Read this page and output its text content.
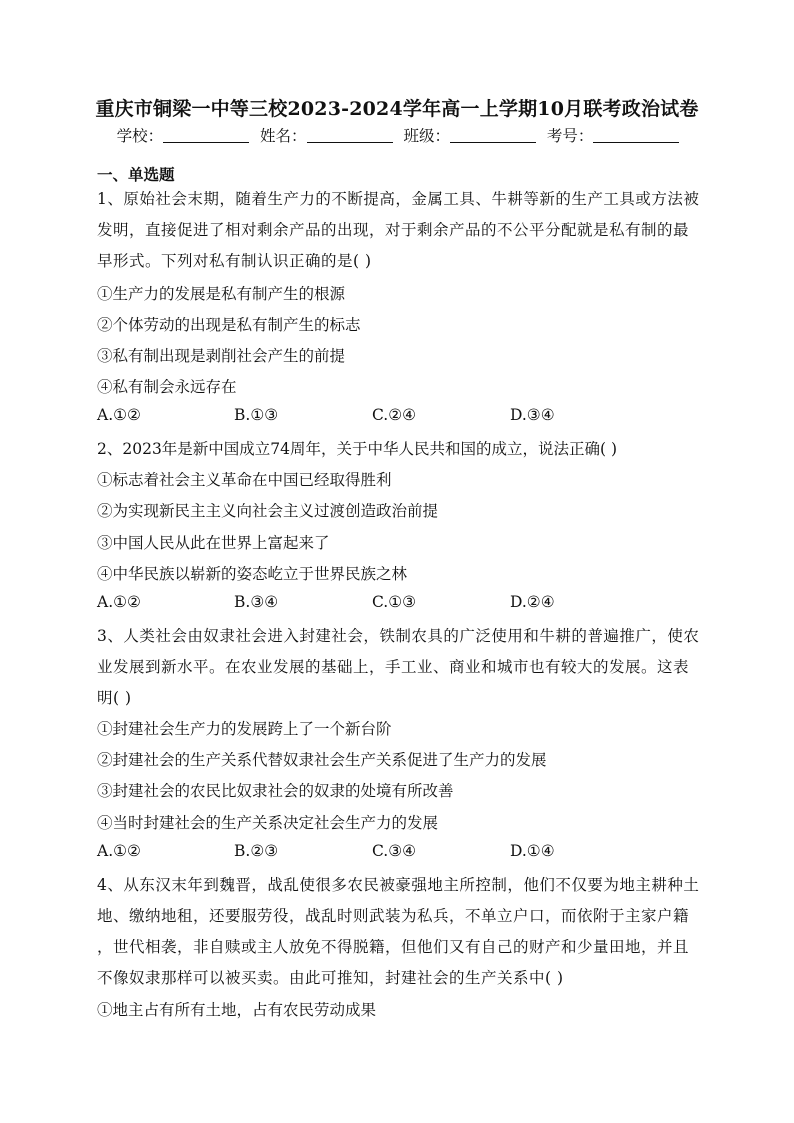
重庆市铜梁一中等三校2023-2024学年高一上学期10月联考政治试卷
学校：	姓名：	班级：	考号：
一、单选题
1、原始社会末期，随着生产力的不断提高，金属工具、牛耕等新的生产工具或方法被
发明，直接促进了相对剩余产品的出现，对于剩余产品的不公平分配就是私有制的最
早形式。下列对私有制认识正确的是( )
①生产力的发展是私有制产生的根源
②个体劳动的出现是私有制产生的标志
③私有制出现是剥削社会产生的前提
④私有制会永远存在
A.①②	B.①③	C.②④	D.③④
2、2023年是新中国成立74周年，关于中华人民共和国的成立，说法正确( )
①标志着社会主义革命在中国已经取得胜利
②为实现新民主主义向社会主义过渡创造政治前提
③中国人民从此在世界上富起来了
④中华民族以崭新的姿态屹立于世界民族之林
A.①②	B.③④	C.①③	D.②④
3、人类社会由奴隶社会进入封建社会，铁制农具的广泛使用和牛耕的普遍推广，使农
业发展到新水平。在农业发展的基础上，手工业、商业和城市也有较大的发展。这表
明( )
①封建社会生产力的发展跨上了一个新台阶
②封建社会的生产关系代替奴隶社会生产关系促进了生产力的发展
③封建社会的农民比奴隶社会的奴隶的处境有所改善
④当时封建社会的生产关系决定社会生产力的发展
A.①②	B.②③	C.③④	D.①④
4、从东汉末年到魏晋，战乱使很多农民被豪强地主所控制，他们不仅要为地主耕种土
地、缴纳地租，还要服劳役，战乱时则武装为私兵，不单立户口，而依附于主家户籍
，世代相袭，非自赎或主人放免不得脱籍，但他们又有自己的财产和少量田地，并且
不像奴隶那样可以被买卖。由此可推知，封建社会的生产关系中( )
①地主占有所有土地，占有农民劳动成果
